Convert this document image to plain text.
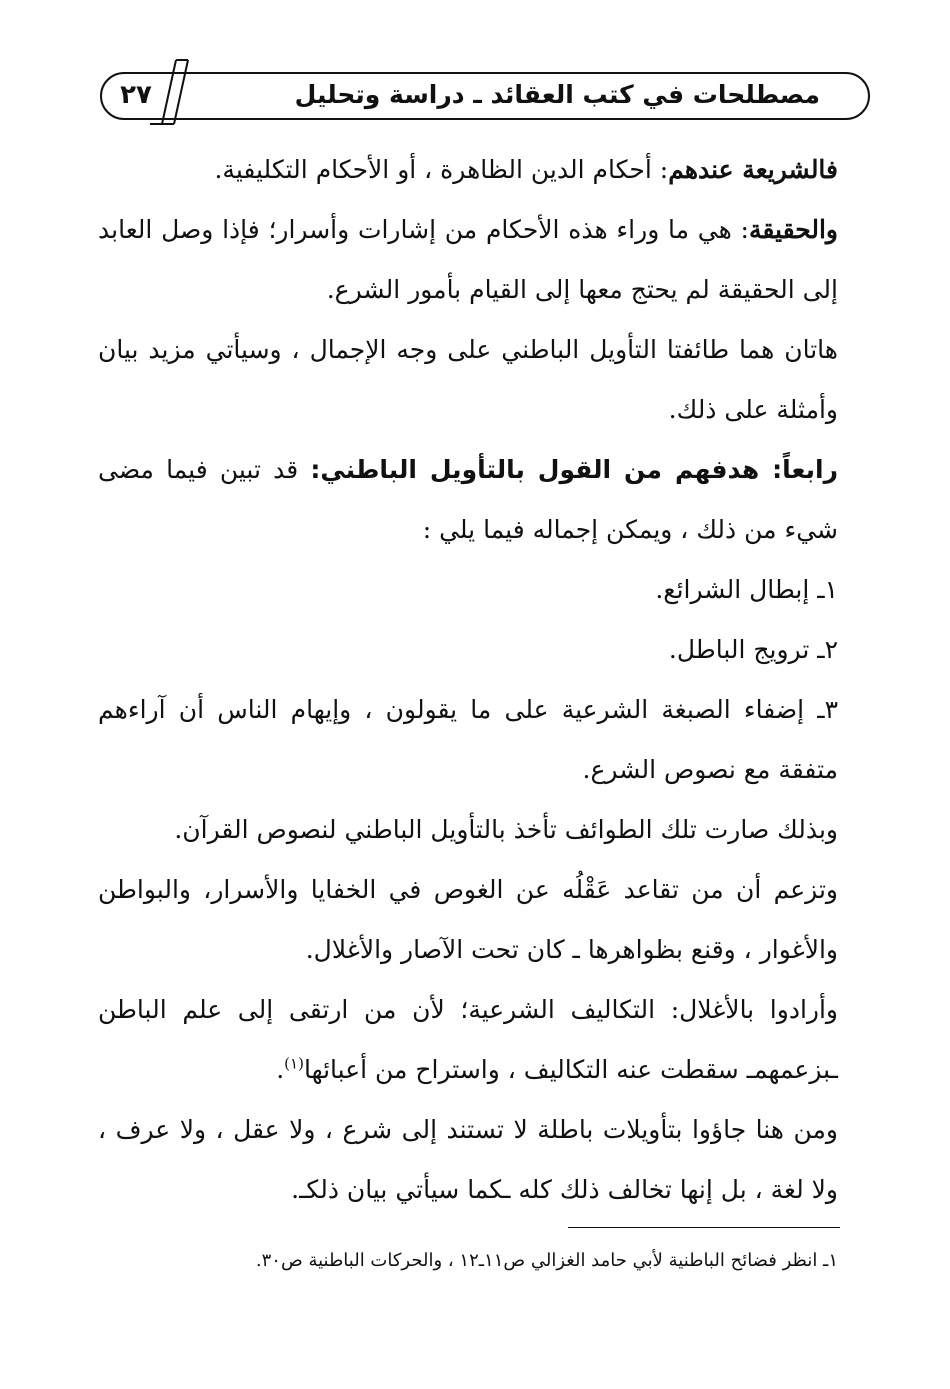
٢٧	مصطلحات في كتب العقائد ـ دراسة وتحليل

فالشريعة عندهم: أحكام الدين الظاهرة ، أو الأحكام التكليفية.

والحقيقة: هي ما وراء هذه الأحكام من إشارات وأسرار؛ فإذا وصل العابد إلى الحقيقة لم يحتج معها إلى القيام بأمور الشرع.

هاتان هما طائفتا التأويل الباطني على وجه الإجمال ، وسيأتي مزيد بيان وأمثلة على ذلك.

رابعاً: هدفهم من القول بالتأويل الباطني: قد تبين فيما مضى شيء من ذلك ، ويمكن إجماله فيما يلي :

١ـ إبطال الشرائع.

٢ـ ترويج الباطل.

٣ـ إضفاء الصبغة الشرعية على ما يقولون ، وإيهام الناس أن آراءهم متفقة مع نصوص الشرع.

وبذلك صارت تلك الطوائف تأخذ بالتأويل الباطني لنصوص القرآن.

وتزعم أن من تقاعد عَقْلُه عن الغوص في الخفايا والأسرار، والبواطن والأغوار ، وقنع بظواهرها ـ كان تحت الآصار والأغلال.

وأرادوا بالأغلال: التكاليف الشرعية؛ لأن من ارتقى إلى علم الباطن ـبزعمهمـ سقطت عنه التكاليف ، واستراح من أعبائها$^{(١)}$.

ومن هنا جاؤوا بتأويلات باطلة لا تستند إلى شرع ، ولا عقل ، ولا عرف ، ولا لغة ، بل إنها تخالف ذلك كله ـكما سيأتي بيان ذلكـ.

١ـ انظر فضائح الباطنية لأبي حامد الغزالي ص١١ـ١٢ ، والحركات الباطنية ص٣٠.
